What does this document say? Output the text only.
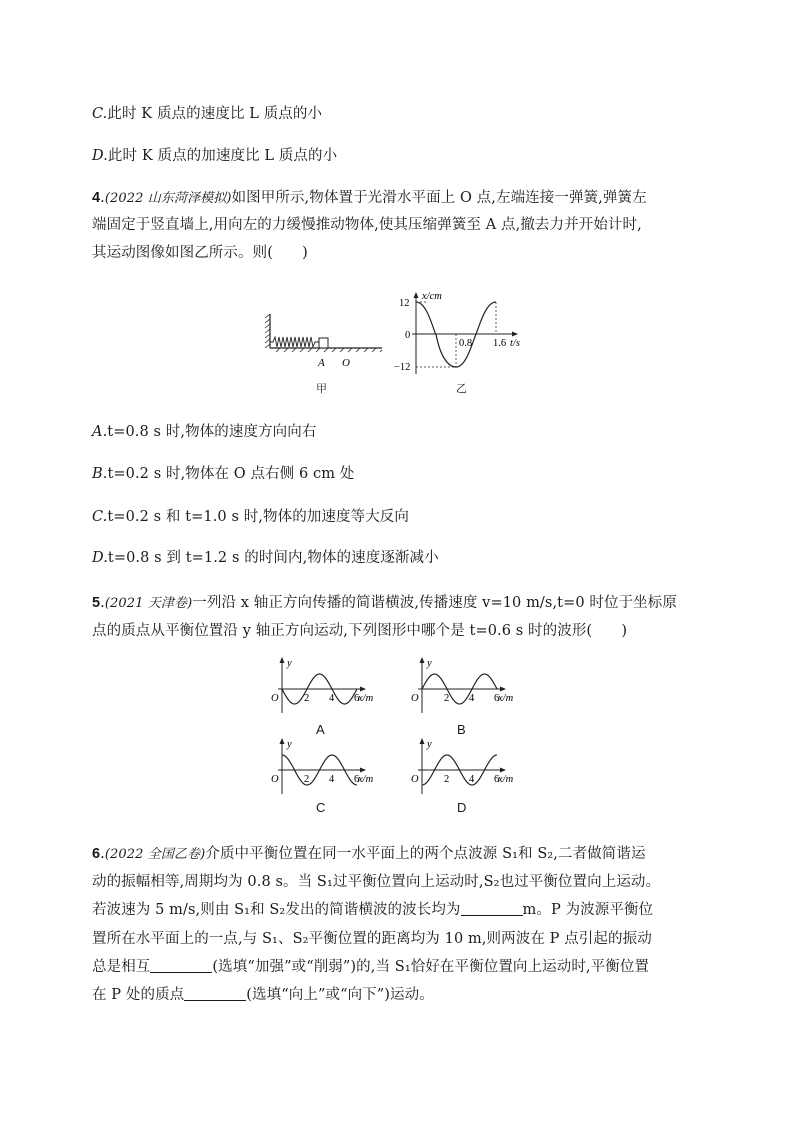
C.此时 K 质点的速度比 L 质点的小
D.此时 K 质点的加速度比 L 质点的小
4.(2022 山东菏泽模拟)如图甲所示,物体置于光滑水平面上 O 点,左端连接一弹簧,弹簧左
端固定于竖直墙上,用向左的力缓慢推动物体,使其压缩弹簧至 A 点,撤去力并开始计时,
其运动图像如图乙所示。则(　　)
A O
甲
x/cm
12
0
−12
0.8 1.6 t/s
乙
A.t=0.8 s 时,物体的速度方向向右
B.t=0.2 s 时,物体在 O 点右侧 6 cm 处
C.t=0.2 s 和 t=1.0 s 时,物体的加速度等大反向
D.t=0.8 s 到 t=1.2 s 的时间内,物体的速度逐渐减小
5.(2021 天津卷)一列沿 x 轴正方向传播的简谐横波,传播速度 v=10 m/s,t=0 时位于坐标原
点的质点从平衡位置沿 y 轴正方向运动,下列图形中哪个是 t=0.6 s 时的波形(　　)
y
O 2 4 6
x/m
A
y
O 2 4 6
x/m
B
y
O 2 4 6
x/m
C
y
O 2 4 6
x/m
D
6.(2022 全国乙卷)介质中平衡位置在同一水平面上的两个点波源 S₁和 S₂,二者做简谐运
动的振幅相等,周期均为 0.8 s。当 S₁过平衡位置向上运动时,S₂也过平衡位置向上运动。
若波速为 5 m/s,则由 S₁和 S₂发出的简谐横波的波长均为	m。P 为波源平衡位
置所在水平面上的一点,与 S₁、S₂平衡位置的距离均为 10 m,则两波在 P 点引起的振动
总是相互	(选填“加强”或“削弱”)的,当 S₁恰好在平衡位置向上运动时,平衡位置
在 P 处的质点	(选填“向上”或“向下”)运动。
